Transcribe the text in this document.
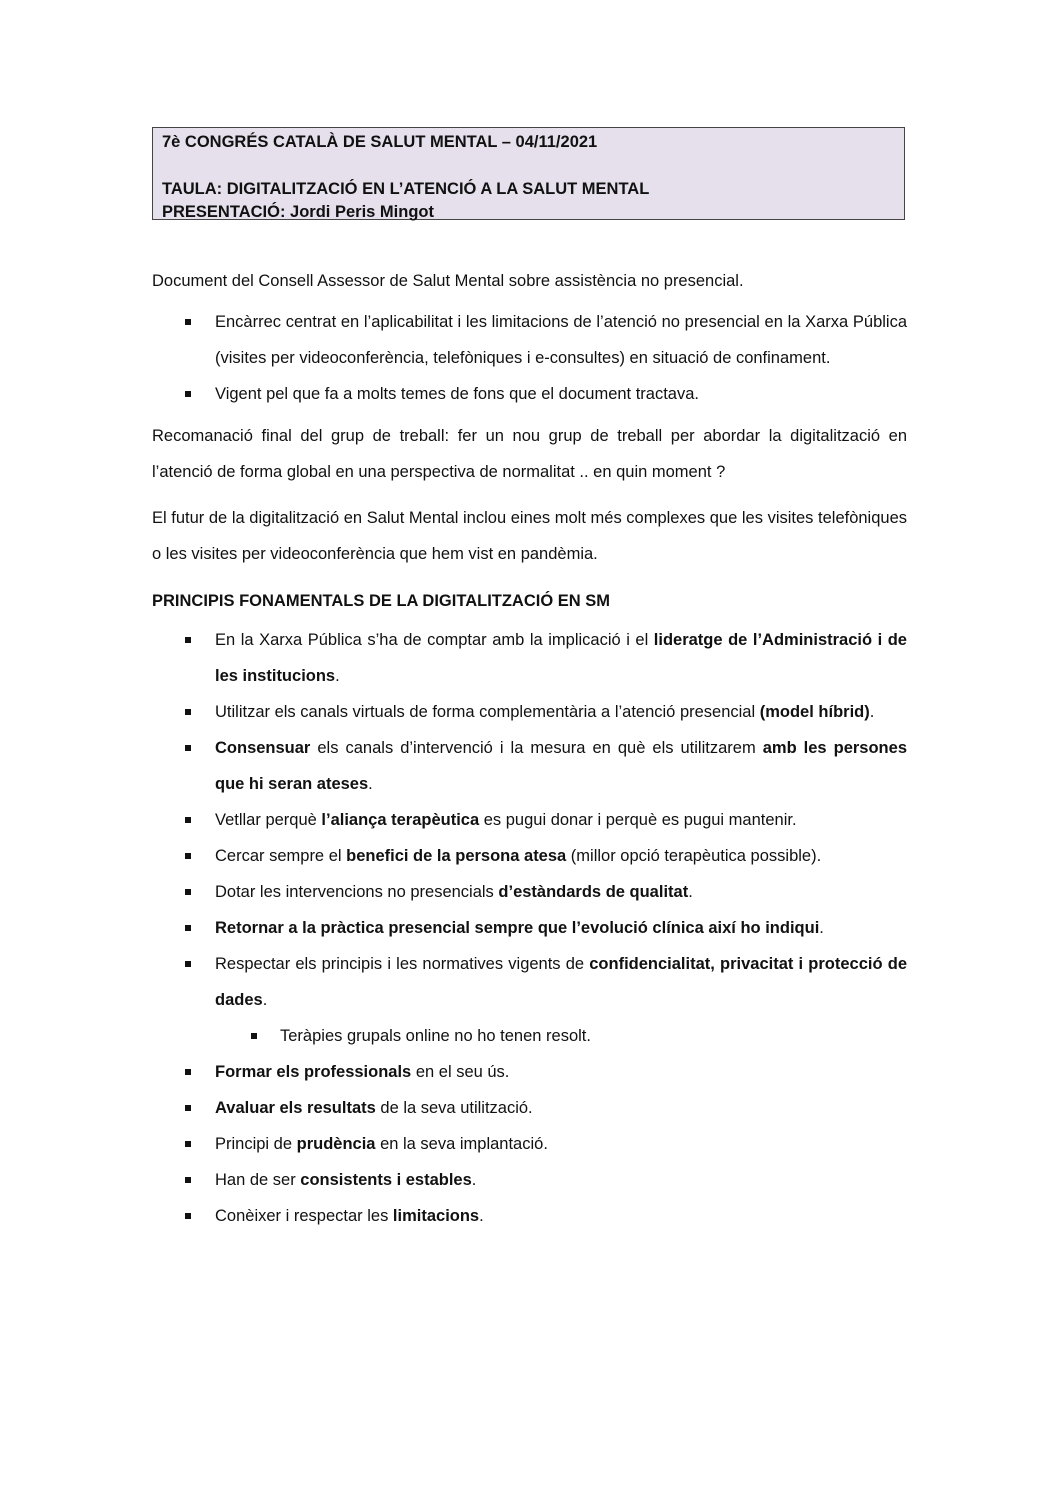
7è CONGRÉS CATALÀ DE SALUT MENTAL – 04/11/2021
TAULA: DIGITALITZACIÓ EN L’ATENCIÓ A LA SALUT MENTAL
PRESENTACIÓ: Jordi Peris Mingot

Document del Consell Assessor de Salut Mental sobre assistència no presencial.

Encàrrec centrat en l’aplicabilitat i les limitacions de l’atenció no presencial en la Xarxa Pública (visites per videoconferència, telefòniques i e-consultes) en situació de confinament.
Vigent pel que fa a molts temes de fons que el document tractava.

Recomanació final del grup de treball: fer un nou grup de treball per abordar la digitalització en l’atenció de forma global en una perspectiva de normalitat .. en quin moment ?

El futur de la digitalització en Salut Mental inclou eines molt més complexes que les visites telefòniques o les visites per videoconferència que hem vist en pandèmia.

PRINCIPIS FONAMENTALS DE LA DIGITALITZACIÓ EN SM
En la Xarxa Pública s’ha de comptar amb la implicació i el lideratge de l’Administració i de les institucions.
Utilitzar els canals virtuals de forma complementària a l’atenció presencial (model híbrid).
Consensuar els canals d’intervenció i la mesura en què els utilitzarem amb les persones que hi seran ateses.
Vetllar perquè l’aliança terapèutica es pugui donar i perquè es pugui mantenir.
Cercar sempre el benefici de la persona atesa (millor opció terapèutica possible).
Dotar les intervencions no presencials d’estàndards de qualitat.
Retornar a la pràctica presencial sempre que l’evolució clínica així ho indiqui.
Respectar els principis i les normatives vigents de confidencialitat, privacitat i protecció de dades.
Teràpies grupals online no ho tenen resolt.
Formar els professionals en el seu ús.
Avaluar els resultats de la seva utilització.
Principi de prudència en la seva implantació.
Han de ser consistents i estables.
Conèixer i respectar les limitacions.
